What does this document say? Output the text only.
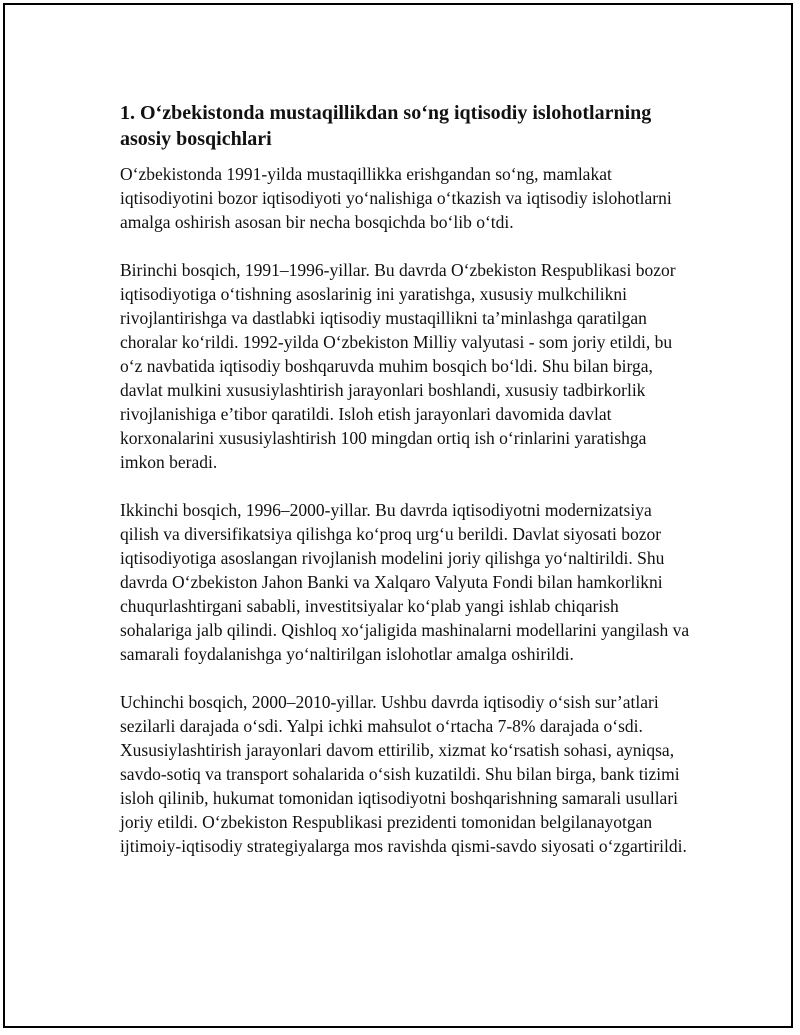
1. O‘zbekistonda mustaqillikdan so‘ng iqtisodiy islohotlarning asosiy bosqichlari

O‘zbekistonda 1991-yilda mustaqillikka erishgandan so‘ng, mamlakat iqtisodiyotini bozor iqtisodiyoti yo‘nalishiga o‘tkazish va iqtisodiy islohotlarni amalga oshirish asosan bir necha bosqichda bo‘lib o‘tdi.

Birinchi bosqich, 1991–1996-yillar. Bu davrda O‘zbekiston Respublikasi bozor iqtisodiyotiga o‘tishning asoslarinig ini yaratishga, xususiy mulkchilikni rivojlantirishga va dastlabki iqtisodiy mustaqillikni ta’minlashga qaratilgan choralar ko‘rildi. 1992-yilda O‘zbekiston Milliy valyutasi - som joriy etildi, bu o‘z navbatida iqtisodiy boshqaruvda muhim bosqich bo‘ldi. Shu bilan birga, davlat mulkini xususiylashtirish jarayonlari boshlandi, xususiy tadbirkorlik rivojlanishiga e’tibor qaratildi. Isloh etish jarayonlari davomida davlat korxonalarini xususiylashtirish 100 mingdan ortiq ish o‘rinlarini yaratishga imkon beradi.

Ikkinchi bosqich, 1996–2000-yillar. Bu davrda iqtisodiyotni modernizatsiya qilish va diversifikatsiya qilishga ko‘proq urg‘u berildi. Davlat siyosati bozor iqtisodiyotiga asoslangan rivojlanish modelini joriy qilishga yo‘naltirildi. Shu davrda O‘zbekiston Jahon Banki va Xalqaro Valyuta Fondi bilan hamkorlikni chuqurlashtirgani sababli, investitsiyalar ko‘plab yangi ishlab chiqarish sohalariga jalb qilindi. Qishloq xo‘jaligida mashinalarni modellarini yangilash va samarali foydalanishga yo‘naltirilgan islohotlar amalga oshirildi.

Uchinchi bosqich, 2000–2010-yillar. Ushbu davrda iqtisodiy o‘sish sur’atlari sezilarli darajada o‘sdi. Yalpi ichki mahsulot o‘rtacha 7-8% darajada o‘sdi. Xususiylashtirish jarayonlari davom ettirilib, xizmat ko‘rsatish sohasi, ayniqsa, savdo-sotiq va transport sohalarida o‘sish kuzatildi. Shu bilan birga, bank tizimi isloh qilinib, hukumat tomonidan iqtisodiyotni boshqarishning samarali usullari joriy etildi. O‘zbekiston Respublikasi prezidenti tomonidan belgilanayotgan ijtimoiy-iqtisodiy strategiyalarga mos ravishda qismi-savdo siyosati o‘zgartirildi.
